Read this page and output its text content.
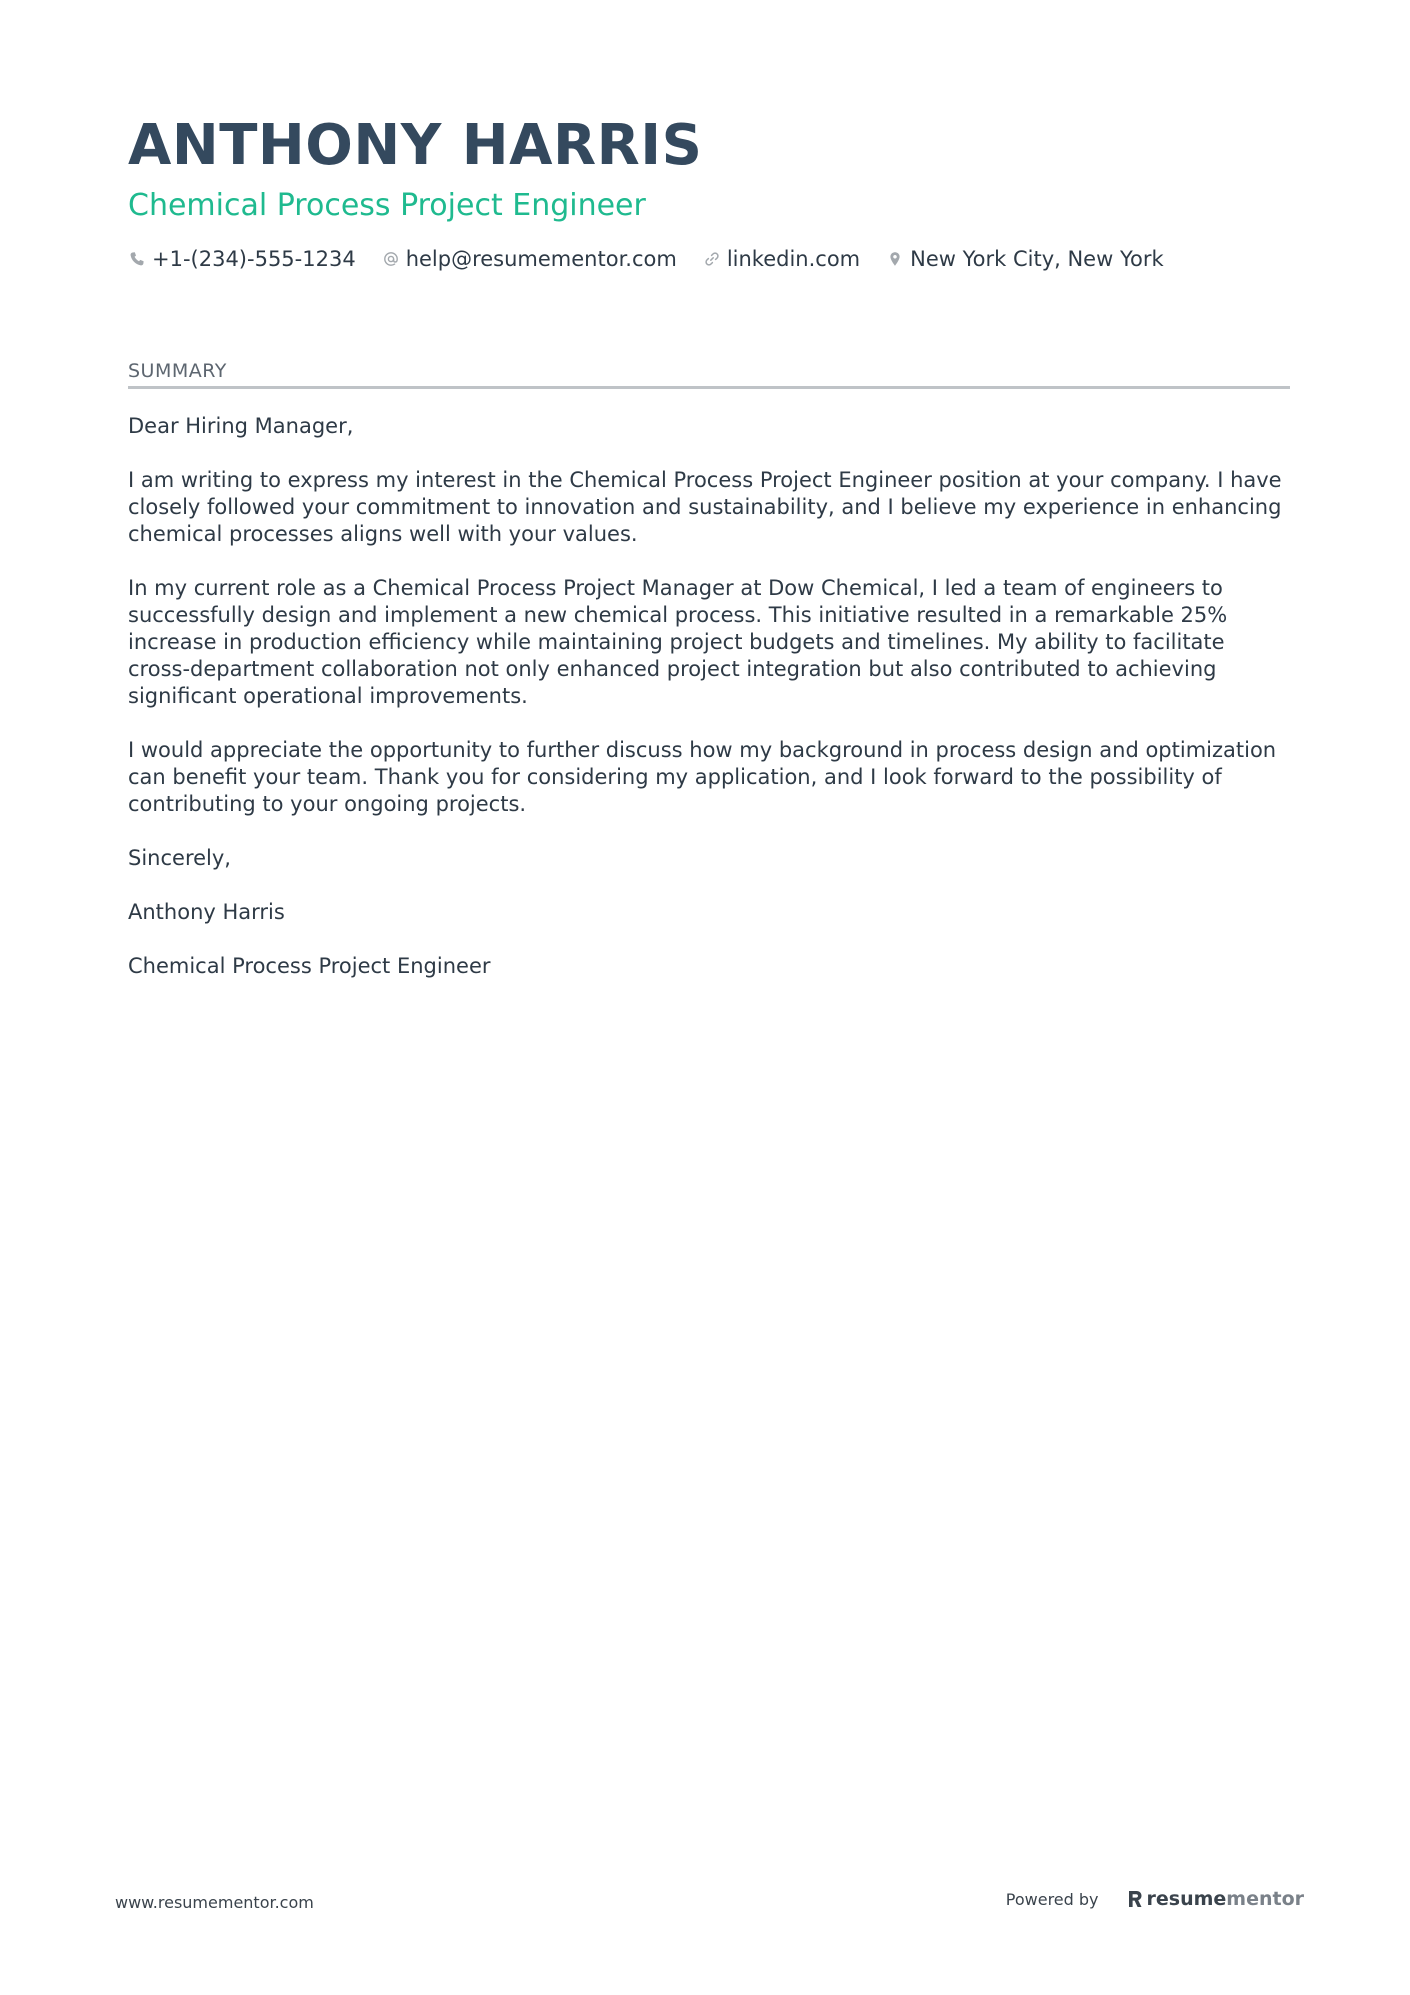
ANTHONY HARRIS
Chemical Process Project Engineer
+1-(234)-555-1234 help@resumementor.com linkedin.com New York City, New York
SUMMARY

Dear Hiring Manager,

I am writing to express my interest in the Chemical Process Project Engineer position at your company. I have closely followed your commitment to innovation and sustainability, and I believe my experience in enhancing chemical processes aligns well with your values.

In my current role as a Chemical Process Project Manager at Dow Chemical, I led a team of engineers to successfully design and implement a new chemical process. This initiative resulted in a remarkable 25% increase in production efficiency while maintaining project budgets and timelines. My ability to facilitate cross-department collaboration not only enhanced project integration but also contributed to achieving significant operational improvements.

I would appreciate the opportunity to further discuss how my background in process design and optimization can benefit your team. Thank you for considering my application, and I look forward to the possibility of contributing to your ongoing projects.

Sincerely,

Anthony Harris

Chemical Process Project Engineer

www.resumementor.com	Powered by	resume mentor
